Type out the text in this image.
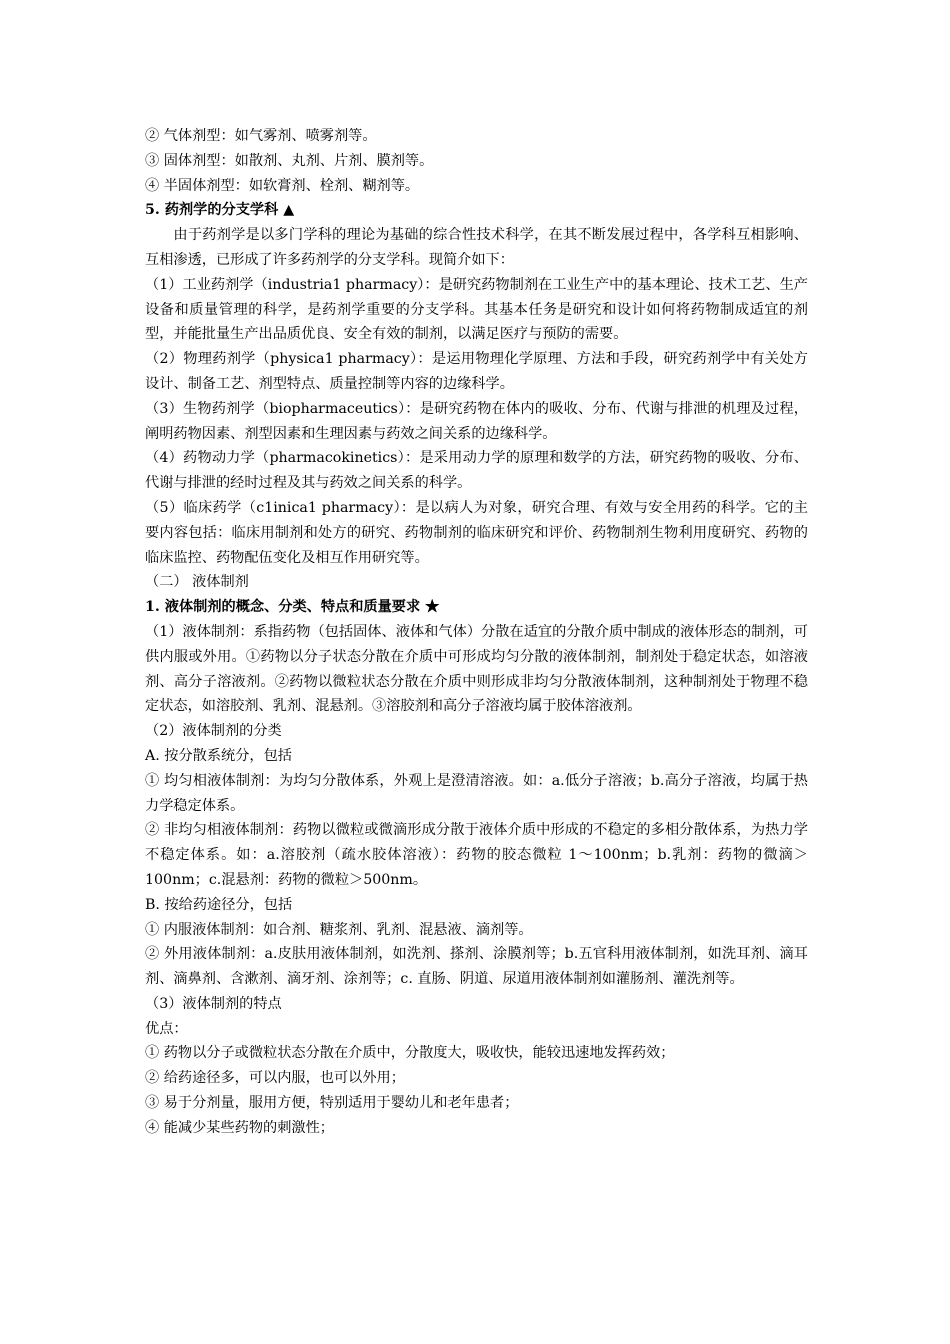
② 气体剂型：如气雾剂、喷雾剂等。

③ 固体剂型：如散剂、丸剂、片剂、膜剂等。

④ 半固体剂型：如软膏剂、栓剂、糊剂等。

5. 药剂学的分支学科 ▲

由于药剂学是以多门学科的理论为基础的综合性技术科学，在其不断发展过程中，各学科互相影响、互相渗透，已形成了许多药剂学的分支学科。现简介如下：

（1）工业药剂学（industria1 pharmacy）：是研究药物制剂在工业生产中的基本理论、技术工艺、生产设备和质量管理的科学，是药剂学重要的分支学科。其基本任务是研究和设计如何将药物制成适宜的剂型，并能批量生产出品质优良、安全有效的制剂，以满足医疗与预防的需要。

（2）物理药剂学（physica1 pharmacy）：是运用物理化学原理、方法和手段，研究药剂学中有关处方设计、制备工艺、剂型特点、质量控制等内容的边缘科学。

（3）生物药剂学（biopharmaceutics）：是研究药物在体内的吸收、分布、代谢与排泄的机理及过程，阐明药物因素、剂型因素和生理因素与药效之间关系的边缘科学。

（4）药物动力学（pharmacokinetics）：是采用动力学的原理和数学的方法，研究药物的吸收、分布、代谢与排泄的经时过程及其与药效之间关系的科学。

（5）临床药学（c1inica1 pharmacy）：是以病人为对象，研究合理、有效与安全用药的科学。它的主要内容包括：临床用制剂和处方的研究、药物制剂的临床研究和评价、药物制剂生物利用度研究、药物的临床监控、药物配伍变化及相互作用研究等。

（二） 液体制剂

1. 液体制剂的概念、分类、特点和质量要求 ★

（1）液体制剂：系指药物（包括固体、液体和气体）分散在适宜的分散介质中制成的液体形态的制剂，可供内服或外用。①药物以分子状态分散在介质中可形成均匀分散的液体制剂，制剂处于稳定状态，如溶液剂、高分子溶液剂。②药物以微粒状态分散在介质中则形成非均匀分散液体制剂，这种制剂处于物理不稳定状态，如溶胶剂、乳剂、混悬剂。③溶胶剂和高分子溶液均属于胶体溶液剂。

（2）液体制剂的分类

A. 按分散系统分，包括

① 均匀相液体制剂：为均匀分散体系，外观上是澄清溶液。如：a.低分子溶液；b.高分子溶液，均属于热力学稳定体系。

② 非均匀相液体制剂：药物以微粒或微滴形成分散于液体介质中形成的不稳定的多相分散体系，为热力学不稳定体系。如：a.溶胶剂（疏水胶体溶液）：药物的胶态微粒 1～100nm；b.乳剂：药物的微滴＞100nm；c.混悬剂：药物的微粒＞500nm。

B. 按给药途径分，包括

① 内服液体制剂：如合剂、糖浆剂、乳剂、混悬液、滴剂等。

② 外用液体制剂：a.皮肤用液体制剂，如洗剂、搽剂、涂膜剂等；b.五官科用液体制剂，如洗耳剂、滴耳剂、滴鼻剂、含漱剂、滴牙剂、涂剂等；c. 直肠、阴道、尿道用液体制剂如灌肠剂、灌洗剂等。

（3）液体制剂的特点

优点：

① 药物以分子或微粒状态分散在介质中，分散度大，吸收快，能较迅速地发挥药效；

② 给药途径多，可以内服，也可以外用；

③ 易于分剂量，服用方便，特别适用于婴幼儿和老年患者；

④ 能减少某些药物的刺激性；
